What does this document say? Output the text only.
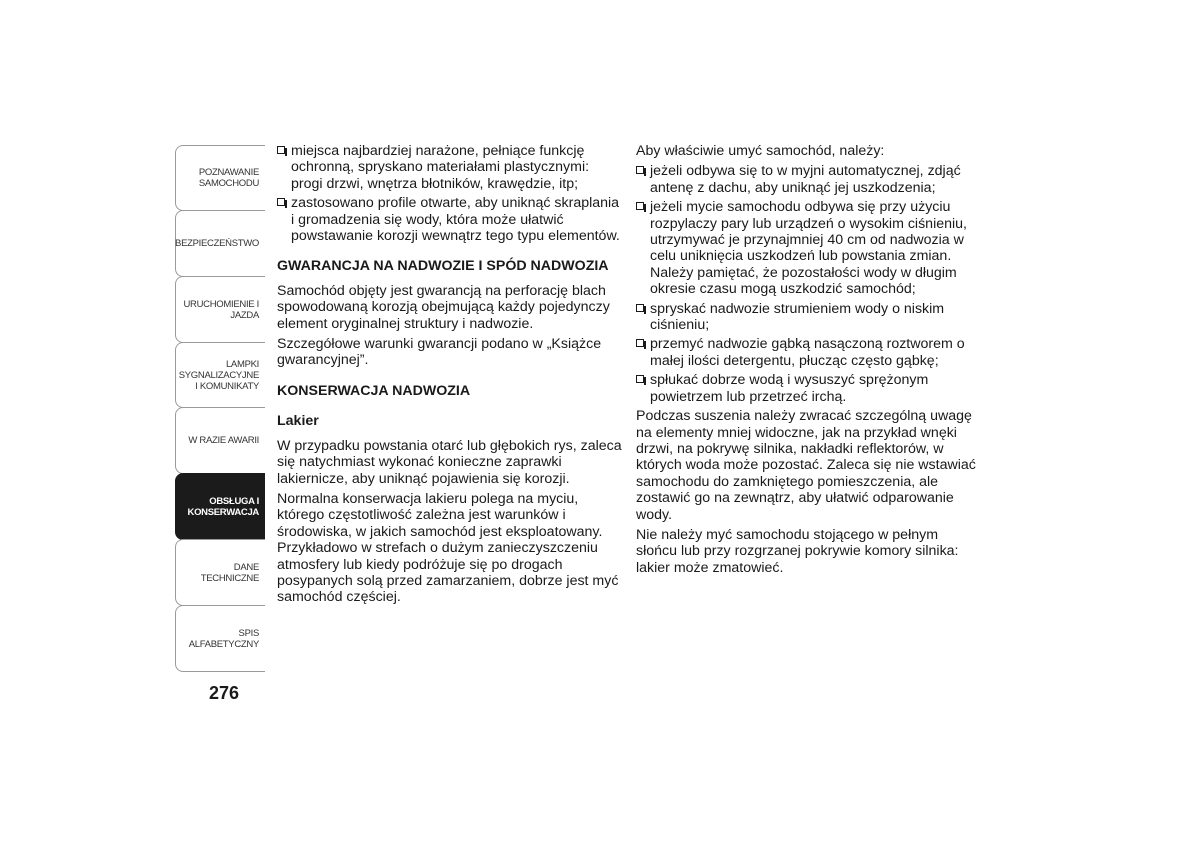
POZNAWANIE SAMOCHODU
BEZPIECZEŃSTWO
URUCHOMIENIE I JAZDA
LAMPKI SYGNALIZACYJNE I KOMUNIKATY
W RAZIE AWARII
OBSŁUGA I KONSERWACJA
DANE TECHNICZNE
SPIS ALFABETYCZNY
276
miejsca najbardziej narażone, pełniące funkcję ochronną, spryskano materiałami plastycznymi: progi drzwi, wnętrza błotników, krawędzie, itp;
zastosowano profile otwarte, aby uniknąć skraplania i gromadzenia się wody, która może ułatwić powstawanie korozji wewnątrz tego typu elementów.
GWARANCJA NA NADWOZIE I SPÓD NADWOZIA

Samochód objęty jest gwarancją na perforację blach spowodowaną korozją obejmującą każdy pojedynczy element oryginalnej struktury i nadwozie.

Szczegółowe warunki gwarancji podano w „Książce gwarancyjnej”.

KONSERWACJA NADWOZIA
Lakier

W przypadku powstania otarć lub głębokich rys, zaleca się natychmiast wykonać konieczne zaprawki lakiernicze, aby uniknąć pojawienia się korozji.

Normalna konserwacja lakieru polega na myciu, którego częstotliwość zależna jest warunków i środowiska, w jakich samochód jest eksploatowany. Przykładowo w strefach o dużym zanieczyszczeniu atmosfery lub kiedy podróżuje się po drogach posypanych solą przed zamarzaniem, dobrze jest myć samochód częściej.

Aby właściwie umyć samochód, należy:

jeżeli odbywa się to w myjni automatycznej, zdjąć antenę z dachu, aby uniknąć jej uszkodzenia;
jeżeli mycie samochodu odbywa się przy użyciu rozpylaczy pary lub urządzeń o wysokim ciśnieniu, utrzymywać je przynajmniej 40 cm od nadwozia w celu uniknięcia uszkodzeń lub powstania zmian. Należy pamiętać, że pozostałości wody w długim okresie czasu mogą uszkodzić samochód;
spryskać nadwozie strumieniem wody o niskim ciśnieniu;
przemyć nadwozie gąbką nasączoną roztworem o małej ilości detergentu, płucząc często gąbkę;
spłukać dobrze wodą i wysuszyć sprężonym powietrzem lub przetrzeć irchą.

Podczas suszenia należy zwracać szczególną uwagę na elementy mniej widoczne, jak na przykład wnęki drzwi, na pokrywę silnika, nakładki reflektorów, w których woda może pozostać. Zaleca się nie wstawiać samochodu do zamkniętego pomieszczenia, ale zostawić go na zewnątrz, aby ułatwić odparowanie wody.

Nie należy myć samochodu stojącego w pełnym słońcu lub przy rozgrzanej pokrywie komory silnika: lakier może zmatowieć.
